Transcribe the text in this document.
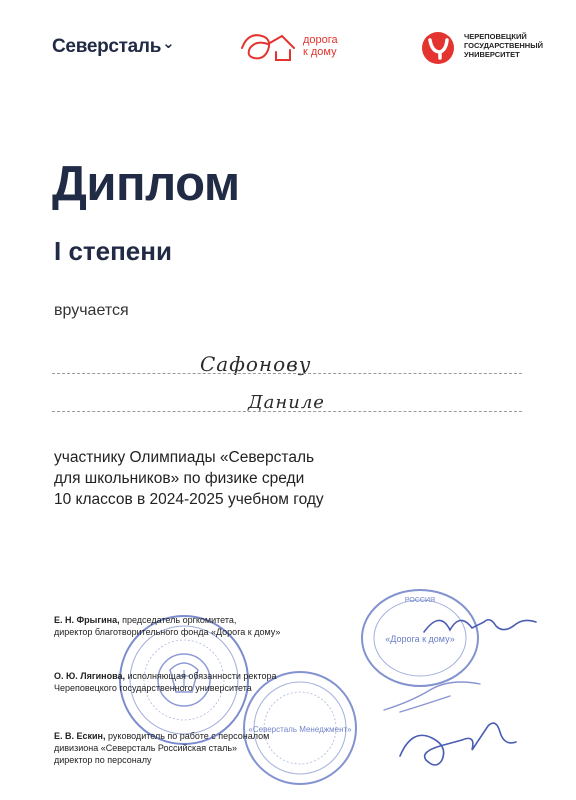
Северсталь⌄	дорога
к дому
ЧЕРЕПОВЕЦКИЙ
ГОСУДАРСТВЕННЫЙ
УНИВЕРСИТЕТ
Диплом
I степени
вручается
Сафонову
Даниле
участнику Олимпиады «Северсталь
для школьников» по физике среди
10 классов в 2024-2025 учебном году
«Северсталь Менеджмент»
РОССИЯ
«Дорога к дому»
Е. Н. Фрыгина, председатель оргкомитета,
директор благотворительного фонда «Дорога к дому»
О. Ю. Лягинова, исполняющая обязанности ректора
Череповецкого государственного университета
Е. В. Ескин, руководитель по работе с персоналом
дивизиона «Северсталь Российская сталь»
директор по персоналу
